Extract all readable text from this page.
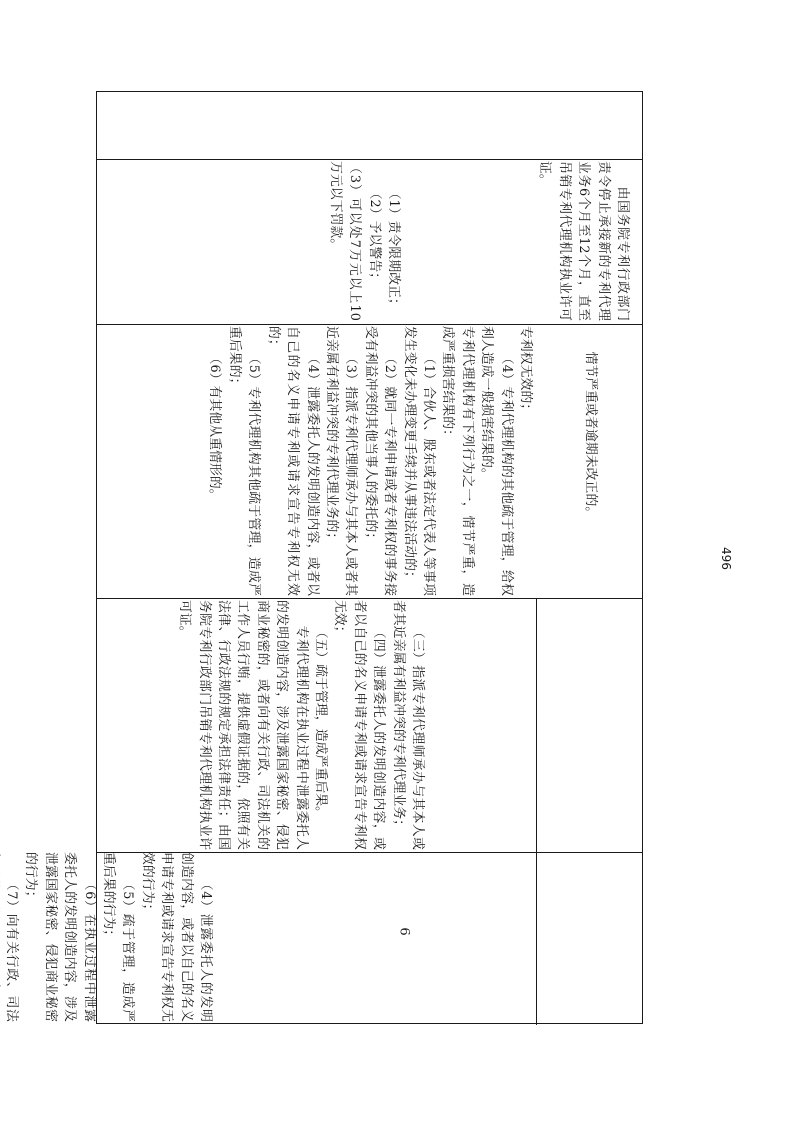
（4）泄露委托人的发明创造内容，或者以自己的名义申请专利或请求宣告专利权无效的行为；

（5）疏于管理，造成严重后果的行为；

（6）在执业过程中泄露委托人的发明创造内容，涉及泄露国家秘密、侵犯商业秘密的行为；

（7）向有关行政、司法

（三）指派专利代理师承办与其本人或者其近亲属有利益冲突的专利代理业务；

（四）泄露委托人的发明创造内容，或者以自己的名义申请专利或请求宣告专利权无效；

（五）疏于管理，造成严重后果。

专利代理机构在执业过程中泄露委托人的发明创造内容，涉及泄露国家秘密、侵犯商业秘密的，或者向有关行政、司法机关的工作人员行贿，提供虚假证据的，依照有关法律、行政法规的规定承担法律责任；由国务院专利行政部门吊销专利代理机构执业许可证。

专利权无效的；

（4）专利代理机构的其他疏于管理，给权利人造成一般损害结果的。

专利代理机构有下列行为之一，情节严重，造成严重损害结果的：

（1）合伙人、股东或者法定代表人等事项发生变化未办理变更手续并从事违法活动的；

（2）就同一专利申请或者专利权的事务接受有利益冲突的其他当事人的委托的；

（3）指派专利代理师承办与其本人或者其近亲属有利益冲突的专利代理业务的；

（4）泄露委托人的发明创造内容，或者以自己的名义申请专利或请求宣告专利权无效的；

（5）专利代理机构其他疏于管理，造成严重后果的；

（6）有其他从重情形的。	情节严重或者逾期未改正的。

（1）责令限期改正；

（2）予以警告；

（3）可以处7万元以上10万元以下罚款。	由国务院专利行政部门责令停止承接新的专利代理业务6个月至12个月，直至吊销专利代理机构执业许可证。

6
496
